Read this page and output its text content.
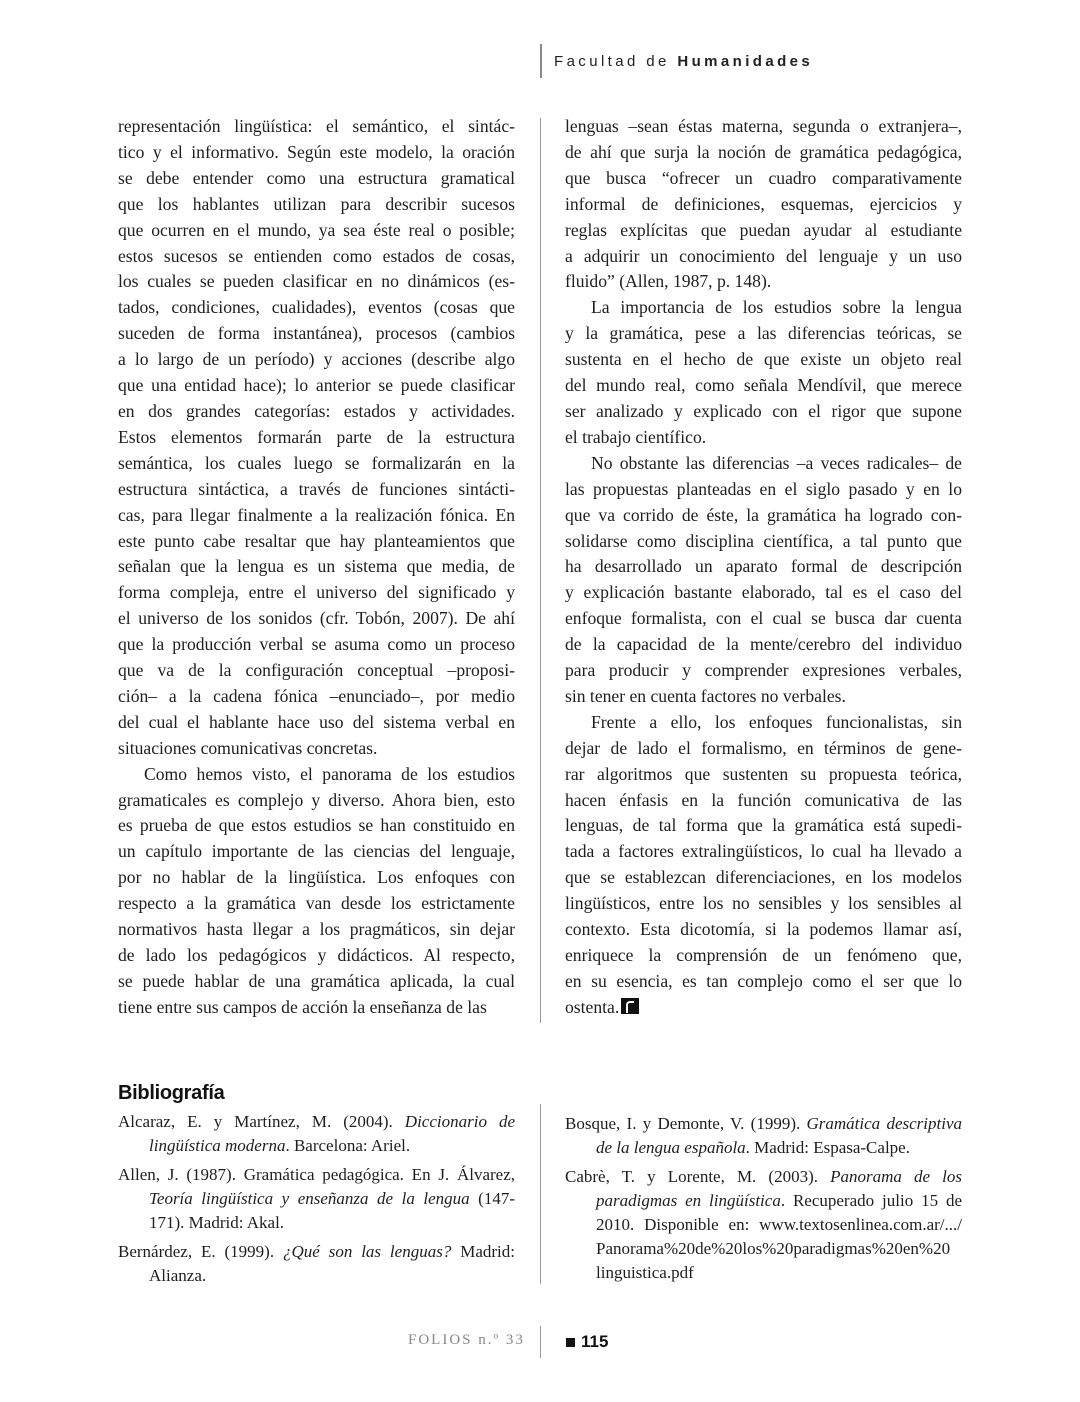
Facultad de Humanidades
representación lingüística: el semántico, el sintác-
tico y el informativo. Según este modelo, la oración
se debe entender como una estructura gramatical
que los hablantes utilizan para describir sucesos
que ocurren en el mundo, ya sea éste real o posible;
estos sucesos se entienden como estados de cosas,
los cuales se pueden clasificar en no dinámicos (es-
tados, condiciones, cualidades), eventos (cosas que
suceden de forma instantánea), procesos (cambios
a lo largo de un período) y acciones (describe algo
que una entidad hace); lo anterior se puede clasificar
en dos grandes categorías: estados y actividades.
Estos elementos formarán parte de la estructura
semántica, los cuales luego se formalizarán en la
estructura sintáctica, a través de funciones sintácti-
cas, para llegar finalmente a la realización fónica. En
este punto cabe resaltar que hay planteamientos que
señalan que la lengua es un sistema que media, de
forma compleja, entre el universo del significado y
el universo de los sonidos (cfr. Tobón, 2007). De ahí
que la producción verbal se asuma como un proceso
que va de la configuración conceptual –proposi-
ción– a la cadena fónica –enunciado–, por medio
del cual el hablante hace uso del sistema verbal en
situaciones comunicativas concretas.
Como hemos visto, el panorama de los estudios
gramaticales es complejo y diverso. Ahora bien, esto
es prueba de que estos estudios se han constituido en
un capítulo importante de las ciencias del lenguaje,
por no hablar de la lingüística. Los enfoques con
respecto a la gramática van desde los estrictamente
normativos hasta llegar a los pragmáticos, sin dejar
de lado los pedagógicos y didácticos. Al respecto,
se puede hablar de una gramática aplicada, la cual
tiene entre sus campos de acción la enseñanza de las
lenguas –sean éstas materna, segunda o extranjera–,
de ahí que surja la noción de gramática pedagógica,
que busca “ofrecer un cuadro comparativamente
informal de definiciones, esquemas, ejercicios y
reglas explícitas que puedan ayudar al estudiante
a adquirir un conocimiento del lenguaje y un uso
fluido” (Allen, 1987, p. 148).
La importancia de los estudios sobre la lengua
y la gramática, pese a las diferencias teóricas, se
sustenta en el hecho de que existe un objeto real
del mundo real, como señala Mendívil, que merece
ser analizado y explicado con el rigor que supone
el trabajo científico.
No obstante las diferencias –a veces radicales– de
las propuestas planteadas en el siglo pasado y en lo
que va corrido de éste, la gramática ha logrado con-
solidarse como disciplina científica, a tal punto que
ha desarrollado un aparato formal de descripción
y explicación bastante elaborado, tal es el caso del
enfoque formalista, con el cual se busca dar cuenta
de la capacidad de la mente/cerebro del individuo
para producir y comprender expresiones verbales,
sin tener en cuenta factores no verbales.
Frente a ello, los enfoques funcionalistas, sin
dejar de lado el formalismo, en términos de gene-
rar algoritmos que sustenten su propuesta teórica,
hacen énfasis en la función comunicativa de las
lenguas, de tal forma que la gramática está supedi-
tada a factores extralingüísticos, lo cual ha llevado a
que se establezcan diferenciaciones, en los modelos
lingüísticos, entre los no sensibles y los sensibles al
contexto. Esta dicotomía, si la podemos llamar así,
enriquece la comprensión de un fenómeno que,
en su esencia, es tan complejo como el ser que lo
ostenta.
Bibliografía
Alcaraz, E. y Martínez, M. (2004). Diccionario de lingüística moderna. Barcelona: Ariel.
Allen, J. (1987). Gramática pedagógica. En J. Álvarez, Teoría lingüística y enseñanza de la lengua (147-171). Madrid: Akal.
Bernárdez, E. (1999). ¿Qué son las lenguas? Madrid: Alianza.
Bosque, I. y Demonte, V. (1999). Gramática descriptiva de la lengua española. Madrid: Espasa-Calpe.
Cabrè, T. y Lorente, M. (2003). Panorama de los paradigmas en lingüística. Recuperado julio 15 de 2010. Disponible en: www.textosenlinea.com.ar/.../ Panorama%20de%20los%20paradigmas%20en%20 linguistica.pdf
FOLIOS n.º 33	115
